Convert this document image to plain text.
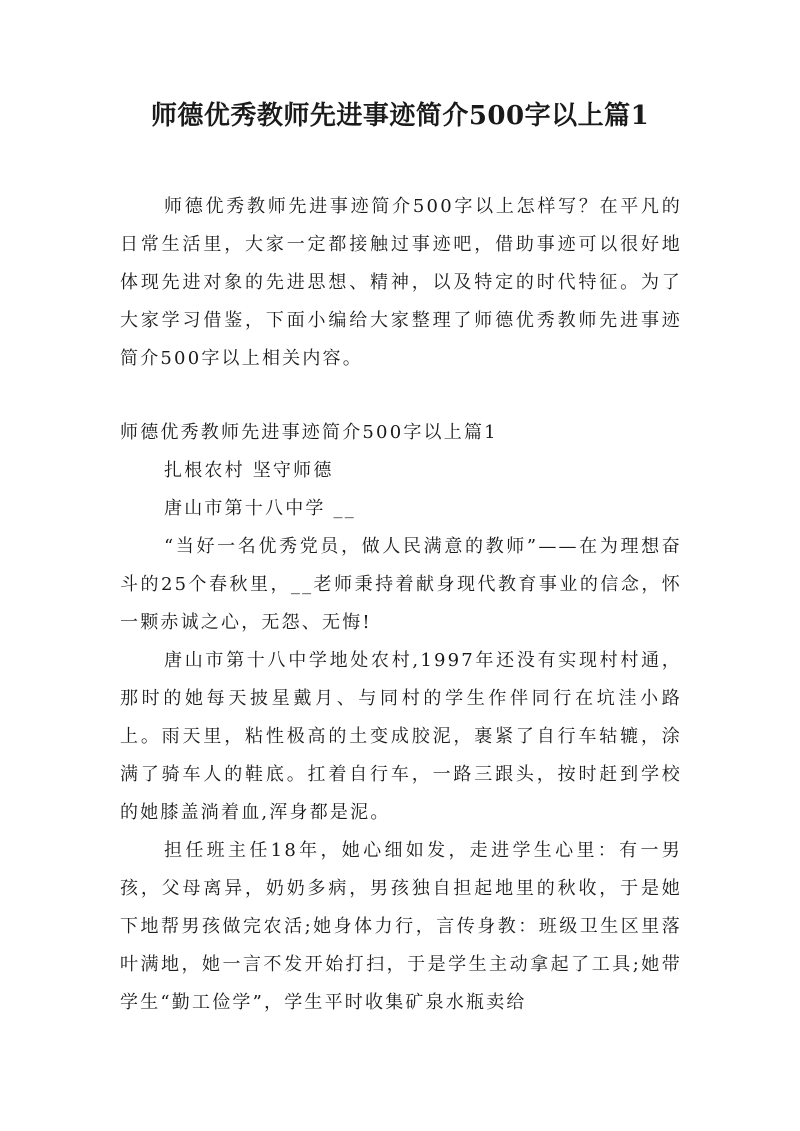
师德优秀教师先进事迹简介500字以上篇1

师德优秀教师先进事迹简介500字以上怎样写？在平凡的日常生活里，大家一定都接触过事迹吧，借助事迹可以很好地体现先进对象的先进思想、精神，以及特定的时代特征。为了大家学习借鉴，下面小编给大家整理了师德优秀教师先进事迹简介500字以上相关内容。

师德优秀教师先进事迹简介500字以上篇1

扎根农村 坚守师德

唐山市第十八中学 __

“当好一名优秀党员，做人民满意的教师”——在为理想奋斗的25个春秋里，__老师秉持着献身现代教育事业的信念，怀一颗赤诚之心，无怨、无悔!

唐山市第十八中学地处农村,1997年还没有实现村村通，那时的她每天披星戴月、与同村的学生作伴同行在坑洼小路上。雨天里，粘性极高的土变成胶泥，裹紧了自行车轱辘，涂满了骑车人的鞋底。扛着自行车，一路三跟头，按时赶到学校的她膝盖淌着血,浑身都是泥。

担任班主任18年，她心细如发，走进学生心里：有一男孩，父母离异，奶奶多病，男孩独自担起地里的秋收，于是她下地帮男孩做完农活;她身体力行，言传身教：班级卫生区里落叶满地，她一言不发开始打扫，于是学生主动拿起了工具;她带学生“勤工俭学”，学生平时收集矿泉水瓶卖给
